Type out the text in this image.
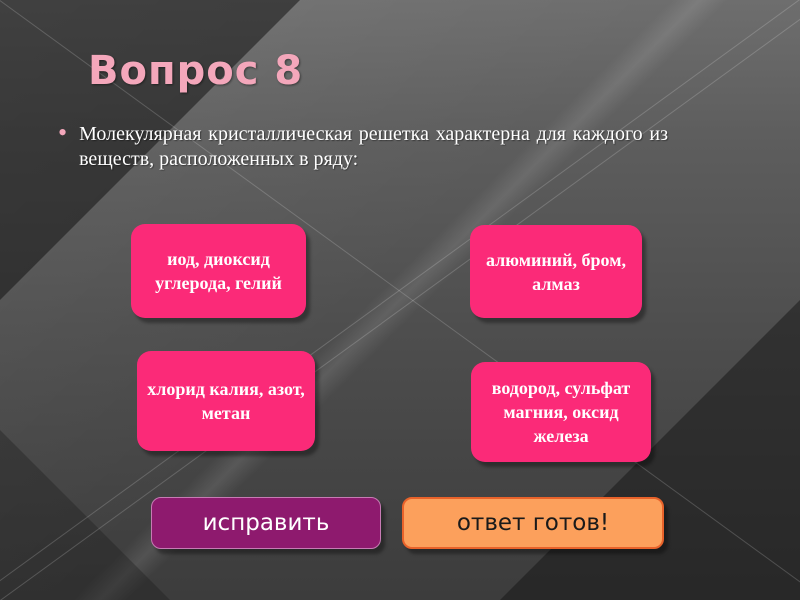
Вопрос 8
• Молекулярная кристаллическая решетка характерна для каждого из веществ, расположенных в ряду:
иод, диоксид углерода, гелий
алюминий, бром, алмаз
хлорид калия, азот, метан
водород, сульфат магния, оксид железа
исправить	ответ готов!
